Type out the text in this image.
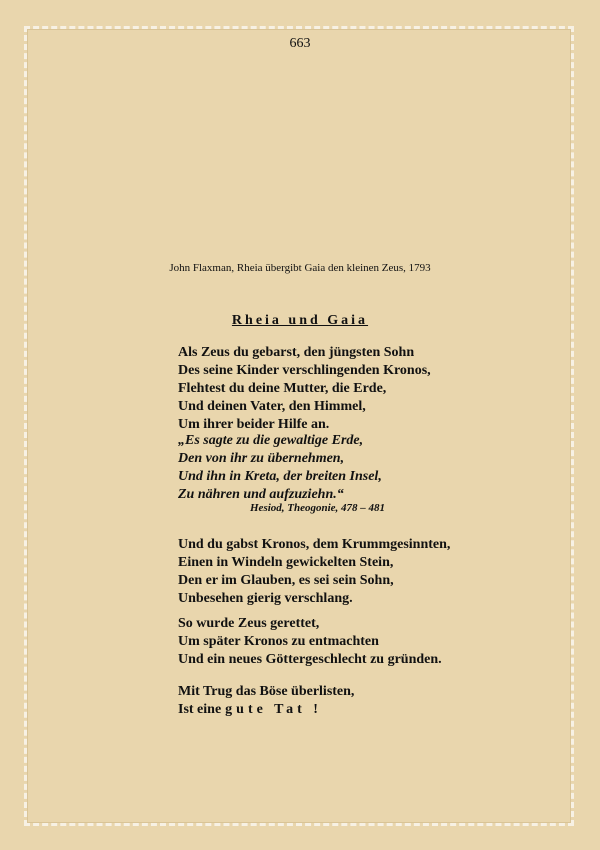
663
John Flaxman, Rheia übergibt Gaia den kleinen Zeus, 1793
Rheia und Gaia
Als Zeus du gebarst, den jüngsten Sohn
Des seine Kinder verschlingenden Kronos,
Flehtest du deine Mutter, die Erde,
Und deinen Vater, den Himmel,
Um ihrer beider Hilfe an.
„Es sagte zu die gewaltige Erde,
Den von ihr zu übernehmen,
Und ihn in Kreta, der breiten Insel,
Zu nähren und aufzuziehn.“
Hesiod, Theogonie, 478 – 481
Und du gabst Kronos, dem Krummgesinnten,
Einen in Windeln gewickelten Stein,
Den er im Glauben, es sei sein Sohn,
Unbesehen gierig verschlang.
So wurde Zeus gerettet,
Um später Kronos zu entmachten
Und ein neues Göttergeschlecht zu gründen.
Mit Trug das Böse überlisten,
Ist eine gute Tat !
